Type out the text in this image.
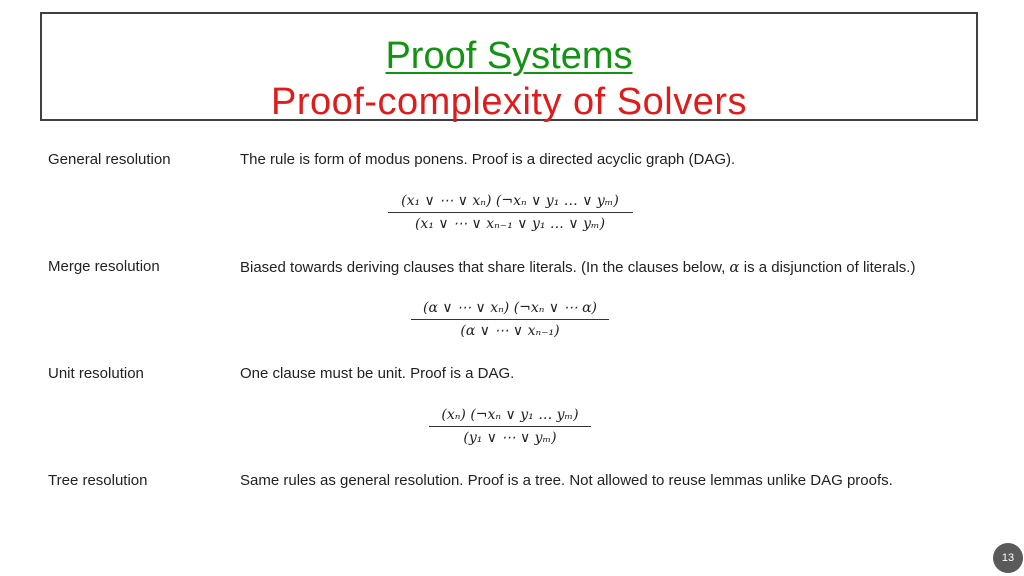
Proof Systems
Proof-complexity of Solvers
General resolution	The rule is form of modus ponens. Proof is a directed acyclic graph (DAG).
(x₁ ∨ ⋯ ∨ xₙ) (¬xₙ ∨ y₁ … ∨ yₘ)
(x₁ ∨ ⋯ ∨ xₙ₋₁ ∨ y₁ … ∨ yₘ)
Merge resolution	Biased towards deriving clauses that share literals. (In the clauses below, α is a disjunction of literals.)
(α ∨ ⋯ ∨ xₙ) (¬xₙ ∨ ⋯ α)
(α ∨ ⋯ ∨ xₙ₋₁)
Unit resolution	One clause must be unit. Proof is a DAG.
(xₙ) (¬xₙ ∨ y₁ … yₘ)
(y₁ ∨ ⋯ ∨ yₘ)
Tree resolution	Same rules as general resolution. Proof is a tree. Not allowed to reuse lemmas unlike DAG proofs.
13
